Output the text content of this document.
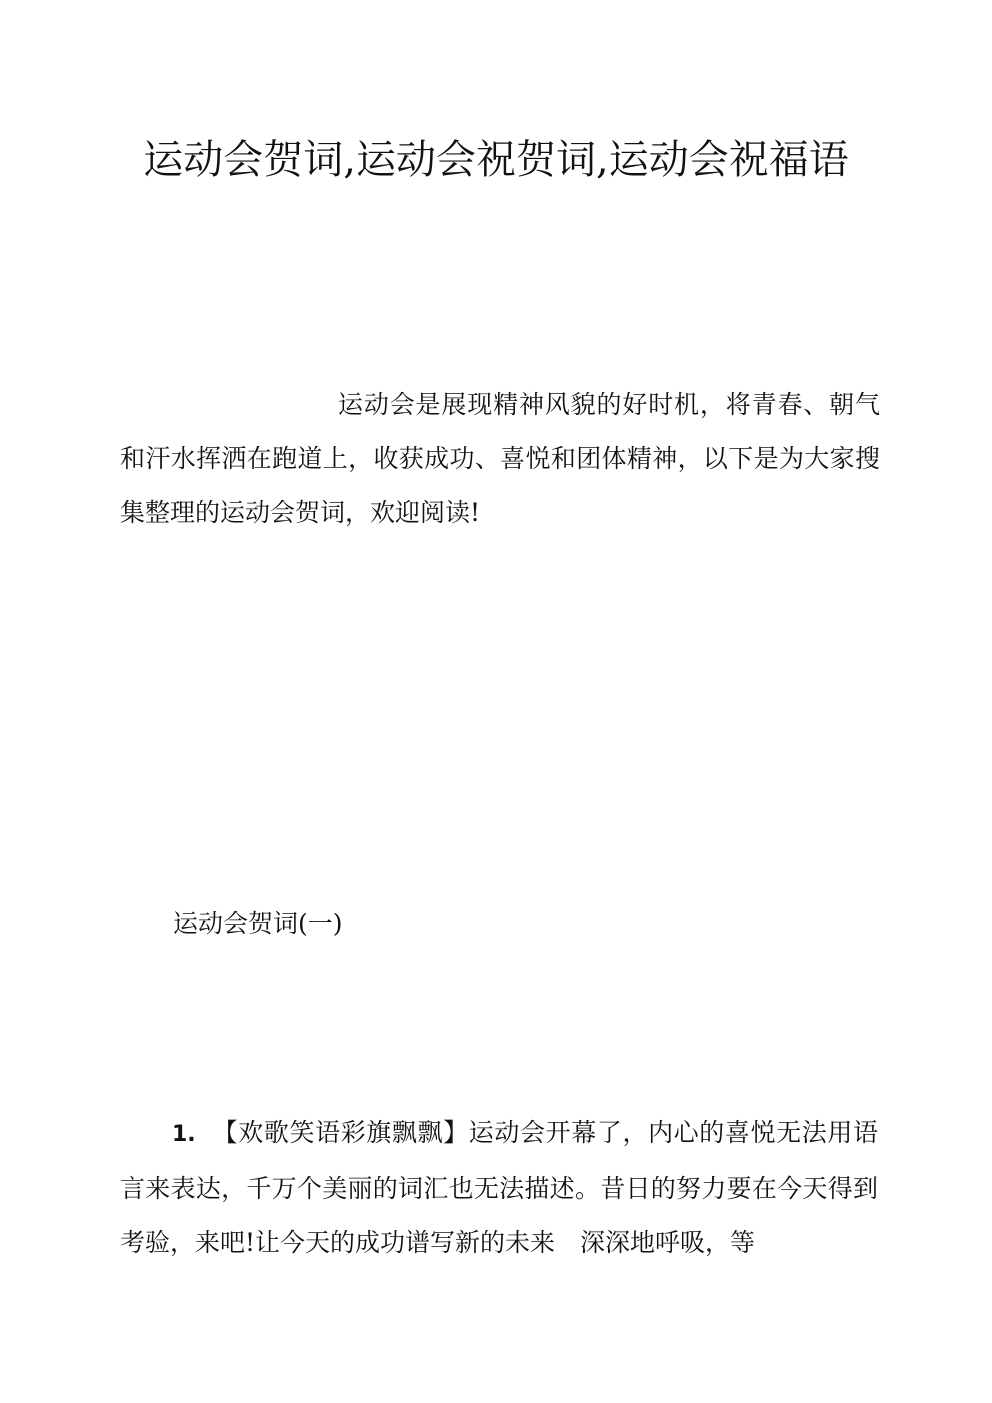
运动会贺词,运动会祝贺词,运动会祝福语

运动会是展现精神风貌的好时机，将青春、朝气和汗水挥洒在跑道上，收获成功、喜悦和团体精神，以下是为大家搜集整理的运动会贺词，欢迎阅读!

运动会贺词(一)

1. 【欢歌笑语彩旗飘飘】运动会开幕了，内心的喜悦无法用语言来表达，千万个美丽的词汇也无法描述。昔日的努力要在今天得到考验，来吧!让今天的成功谱写新的未来　深深地呼吸，等
